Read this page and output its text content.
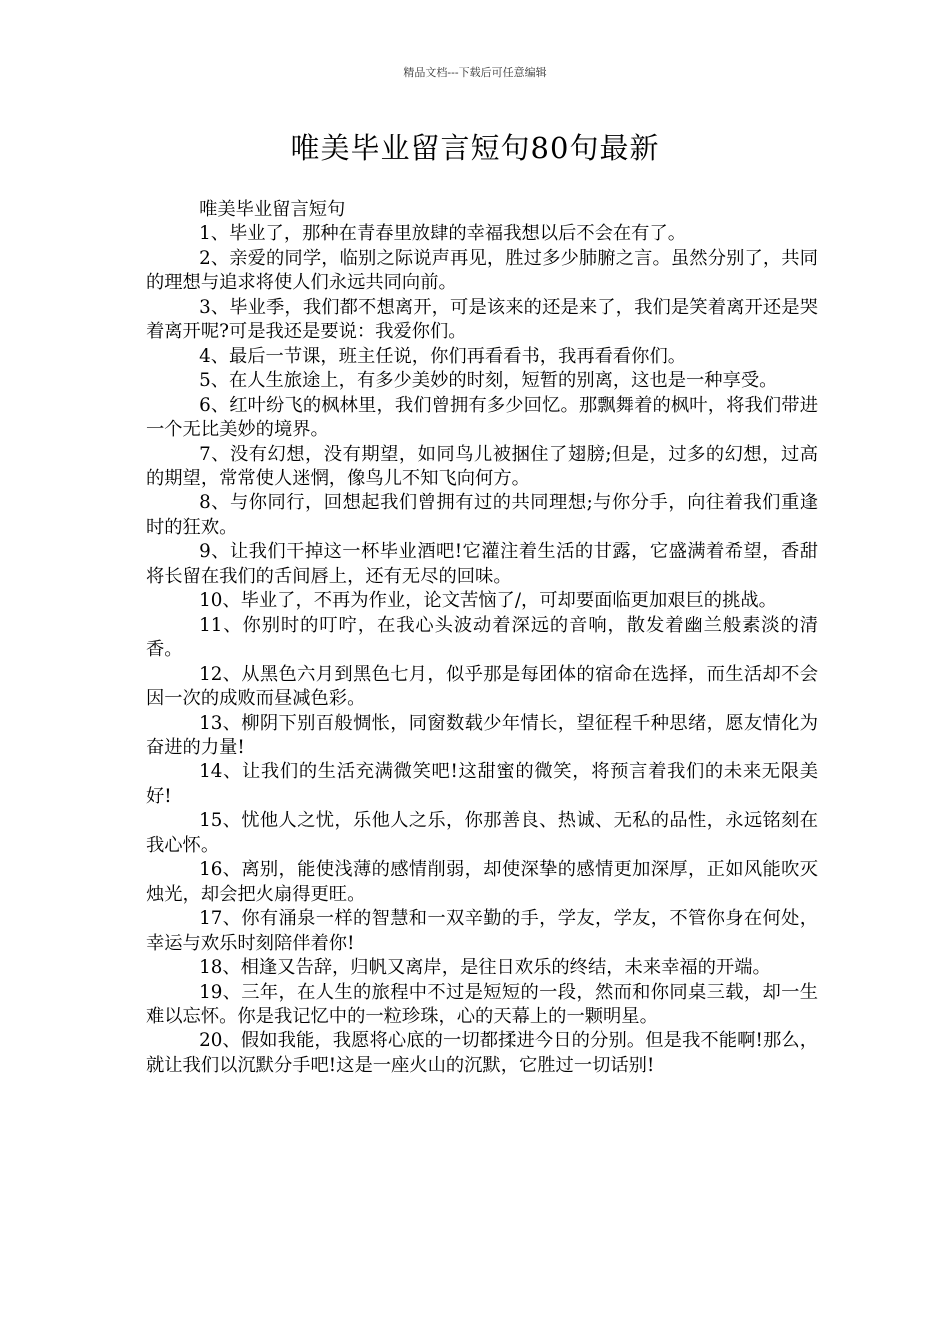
精品文档---下载后可任意编辑
唯美毕业留言短句80句最新

唯美毕业留言短句

1、毕业了，那种在青春里放肆的幸福我想以后不会在有了。

2、亲爱的同学，临别之际说声再见，胜过多少肺腑之言。虽然分别了，共同的理想与追求将使人们永远共同向前。

3、毕业季，我们都不想离开，可是该来的还是来了，我们是笑着离开还是哭着离开呢?可是我还是要说：我爱你们。

4、最后一节课，班主任说，你们再看看书，我再看看你们。

5、在人生旅途上，有多少美妙的时刻，短暂的别离，这也是一种享受。

6、红叶纷飞的枫林里，我们曾拥有多少回忆。那飘舞着的枫叶，将我们带进一个无比美妙的境界。

7、没有幻想，没有期望，如同鸟儿被捆住了翅膀;但是，过多的幻想，过高的期望，常常使人迷惘，像鸟儿不知飞向何方。

8、与你同行，回想起我们曾拥有过的共同理想;与你分手，向往着我们重逢时的狂欢。

9、让我们干掉这一杯毕业酒吧!它灌注着生活的甘露，它盛满着希望，香甜将长留在我们的舌间唇上，还有无尽的回味。

10、毕业了，不再为作业，论文苦恼了/，可却要面临更加艰巨的挑战。

11、你别时的叮咛，在我心头波动着深远的音响，散发着幽兰般素淡的清香。

12、从黑色六月到黑色七月，似乎那是每团体的宿命在选择，而生活却不会因一次的成败而昼减色彩。

13、柳阴下别百般惆怅，同窗数载少年情长，望征程千种思绪，愿友情化为奋进的力量!

14、让我们的生活充满微笑吧!这甜蜜的微笑，将预言着我们的未来无限美好!

15、忧他人之忧，乐他人之乐，你那善良、热诚、无私的品性，永远铭刻在我心怀。

16、离别，能使浅薄的感情削弱，却使深挚的感情更加深厚，正如风能吹灭烛光，却会把火扇得更旺。

17、你有涌泉一样的智慧和一双辛勤的手，学友，学友，不管你身在何处，幸运与欢乐时刻陪伴着你!

18、相逢又告辞，归帆又离岸，是往日欢乐的终结，未来幸福的开端。

19、三年，在人生的旅程中不过是短短的一段，然而和你同桌三载，却一生难以忘怀。你是我记忆中的一粒珍珠，心的天幕上的一颗明星。

20、假如我能，我愿将心底的一切都揉进今日的分别。但是我不能啊!那么，就让我们以沉默分手吧!这是一座火山的沉默，它胜过一切话别!
